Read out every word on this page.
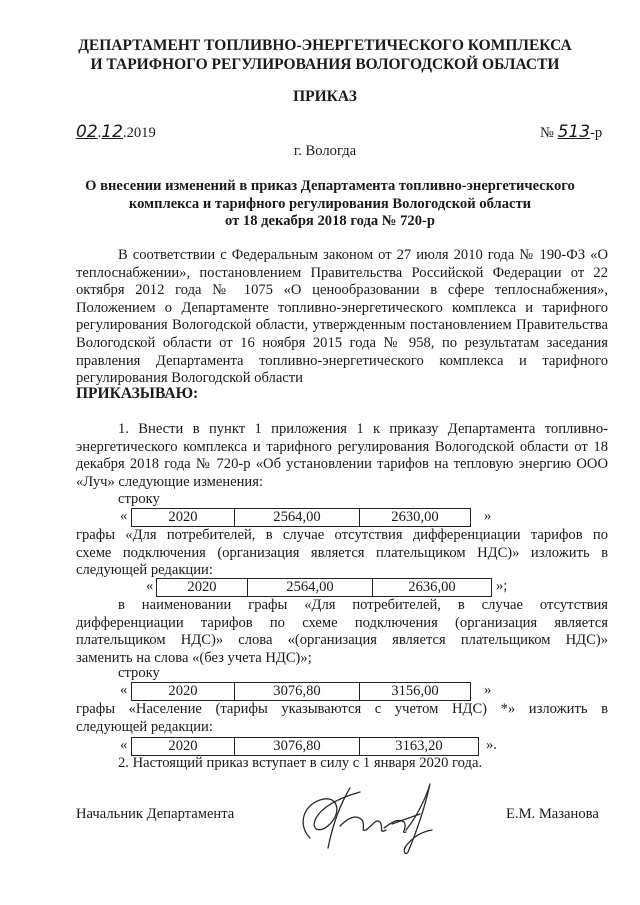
ДЕПАРТАМЕНТ ТОПЛИВНО-ЭНЕРГЕТИЧЕСКОГО КОМПЛЕКСА
И ТАРИФНОГО РЕГУЛИРОВАНИЯ ВОЛОГОДСКОЙ ОБЛАСТИ
ПРИКАЗ
02.12.2019	№ 513-р
г. Вологда
О внесении изменений в приказ Департамента топливно-энергетического
комплекса и тарифного регулирования Вологодской области
от 18 декабря 2018 года № 720-р

В соответствии с Федеральным законом от 27 июля 2010 года № 190-ФЗ «О теплоснабжении», постановлением Правительства Российской Федерации от 22 октября 2012 года № 1075 «О ценообразовании в сфере теплоснабжения», Положением о Департаменте топливно-энергетического комплекса и тарифного регулирования Вологодской области, утвержденным постановлением Правительства Вологодской области от 16 ноября 2015 года № 958, по результатам заседания правления Департамента топливно-энергетического комплекса и тарифного регулирования Вологодской области

ПРИКАЗЫВАЮ:

1. Внести в пункт 1 приложения 1 к приказу Департамента топливно-энергетического комплекса и тарифного регулирования Вологодской области от 18 декабря 2018 года № 720-р «Об установлении тарифов на тепловую энергию ООО «Луч» следующие изменения:

строку
«	2020	2564,00	2630,00	»
графы «Для потребителей, в случае отсутствия дифференциации тарифов по
схеме подключения (организация является плательщиком НДС)» изложить в
следующей редакции:
« 2020	2564,00	2636,00	»;
в наименовании графы «Для потребителей, в случае отсутствия
дифференциации тарифов по схеме подключения (организация является
плательщиком НДС)» слова «(организация является плательщиком НДС)»
заменить на слова «(без учета НДС)»;
строку
«	2020	3076,80	3156,00	»
графы «Население (тарифы указываются с учетом НДС) *» изложить в
следующей редакции:
«	2020	3076,80	3163,20	».
2. Настоящий приказ вступает в силу с 1 января 2020 года.
Начальник Департамента	Е.М. Мазанова
